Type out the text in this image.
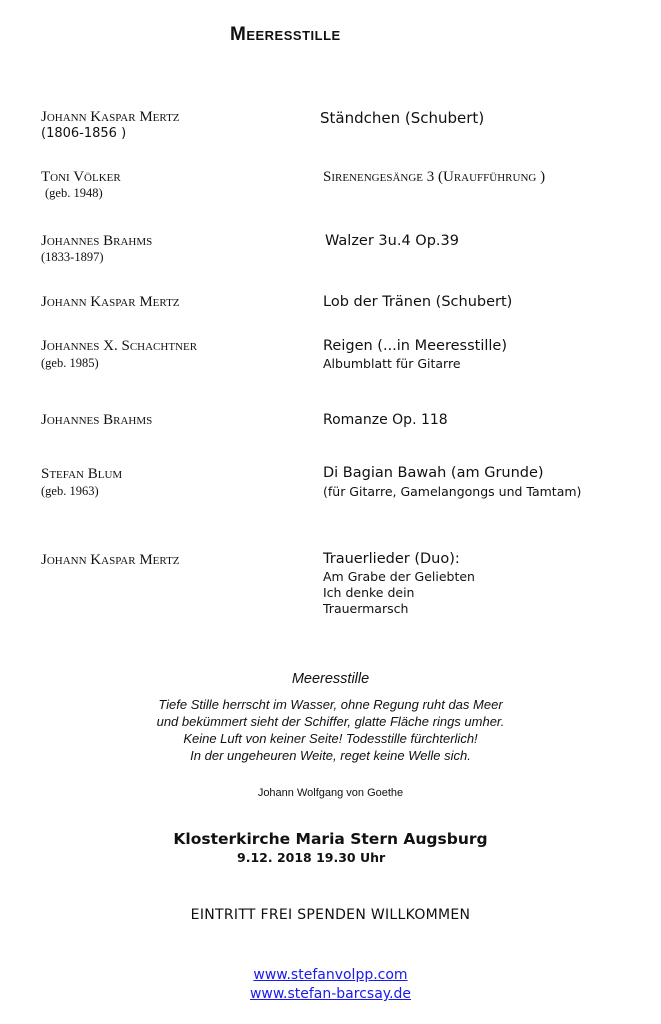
Meeresstille
Johann Kaspar Mertz	Ständchen (Schubert)
(1806-1856 )
Toni Völker	Sirenengesänge 3 (Uraufführung )
(geb. 1948)
Johannes Brahms	Walzer 3u.4 Op.39
(1833-1897)
Johann Kaspar Mertz	Lob der Tränen (Schubert)
Johannes X. Schachtner	Reigen (...in Meeresstille)
(geb. 1985)	Albumblatt für Gitarre
Johannes Brahms	Romanze Op. 118
Stefan Blum	Di Bagian Bawah (am Grunde)
(geb. 1963)	(für Gitarre, Gamelangongs und Tamtam)
Johann Kaspar Mertz	Trauerlieder (Duo):
Am Grabe der Geliebten
Ich denke dein
Trauermarsch
Meeresstille
Tiefe Stille herrscht im Wasser, ohne Regung ruht das Meer
und bekümmert sieht der Schiffer, glatte Fläche rings umher.
Keine Luft von keiner Seite! Todesstille fürchterlich!
In der ungeheuren Weite, reget keine Welle sich.
Johann Wolfgang von Goethe
Klosterkirche Maria Stern Augsburg
9.12. 2018 19.30 Uhr
EINTRITT FREI SPENDEN WILLKOMMEN
www.stefanvolpp.com
www.stefan-barcsay.de
